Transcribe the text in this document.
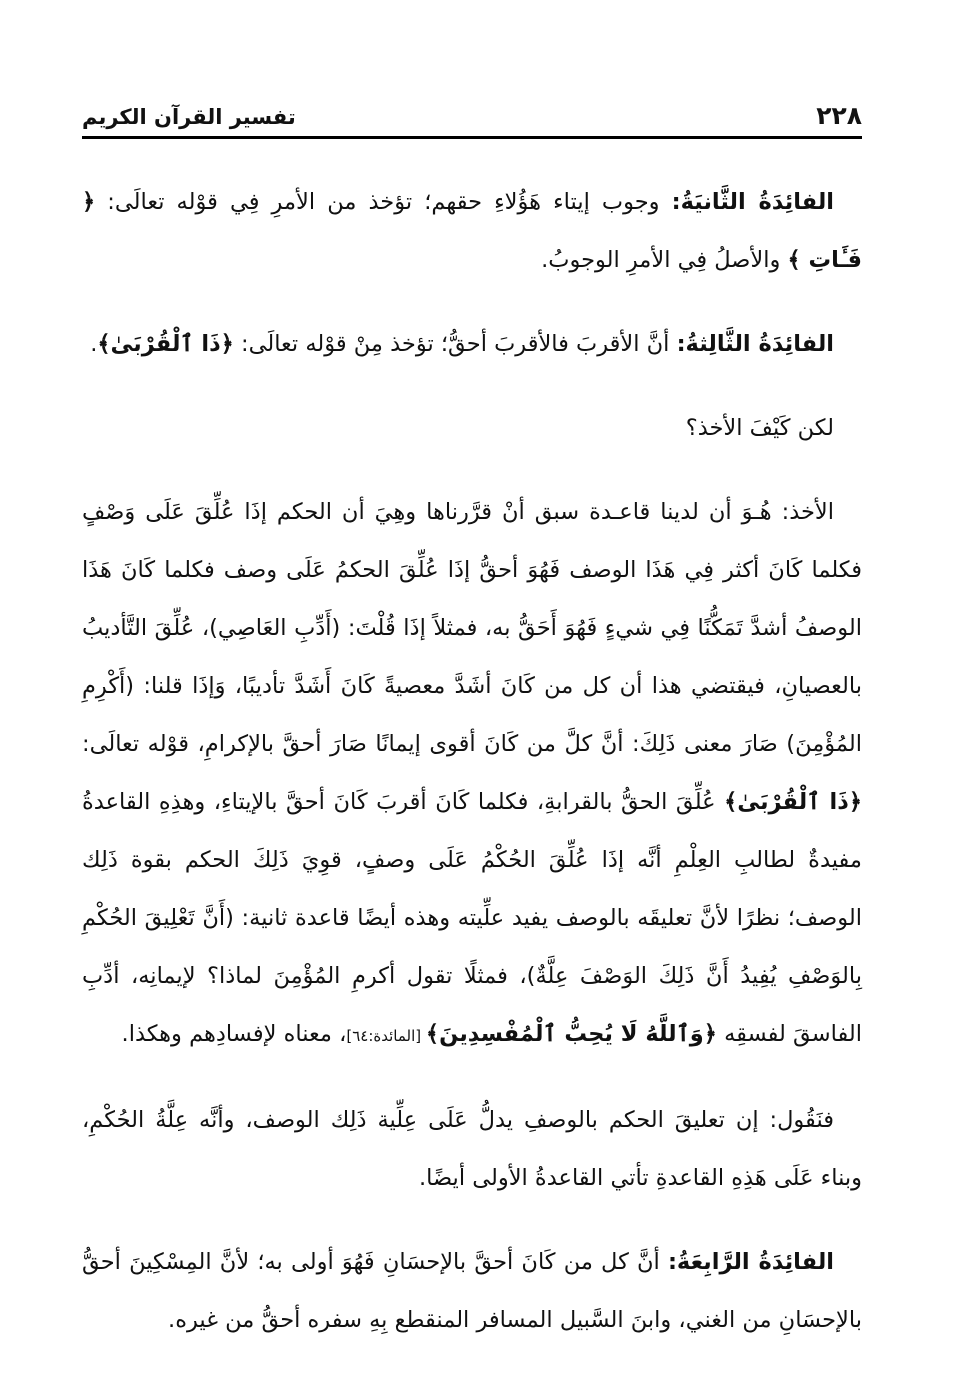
٢٢٨
تفسير القرآن الكريم

الفائِدَةُ الثَّانيَةُ: وجوب إيتاء هَؤُلاءِ حقهم؛ تؤخذ من الأمرِ فِي قوْله تعالَى: ﴿ فَـَٔاتِ ﴾ والأصلُ فِي الأمرِ الوجوبُ.

الفائِدَةُ الثَّالِثةُ: أنَّ الأقربَ فالأقربَ أحقُّ؛ تؤخذ مِنْ قوْله تعالَى: ﴿ذَا ٱلْقُرْبَىٰ﴾.

لكن كَيْفَ الأخذ؟

الأخذ: هُـوَ أن لدينا قاعـدة سبق أنْ قرَّرناها وهِيَ أن الحكم إذَا عُلِّقَ عَلَى وَصْفٍ فكلما كَانَ أكثر فِي هَذَا الوصف فَهُوَ أحقُّ إذَا عُلِّقَ الحكمُ عَلَى وصف فكلما كَانَ هَذَا الوصفُ أشدَّ تَمَكُّنًا فِي شيءٍ فَهُوَ أَحَقُّ به، فمثلاً إذَا قُلْتَ: (أَدِّبِ العَاصِي)، عُلِّقَ التَّأديبُ بالعصيانِ، فيقتضي هذا أن كل من كَانَ أشَدَّ معصيةً كَانَ أَشَدَّ تأديبًا، وَإذَا قلنا: (أَكْرِمِ المُؤْمِنَ) صَارَ معنى ذَلِكَ: أنَّ كلَّ من كَانَ أقوى إيمانًا صَارَ أحقَّ بالإكرامِ، قوْله تعالَى: ﴿ذَا ٱلْقُرْبَىٰ﴾ عُلِّقَ الحقُّ بالقرابةِ، فكلما كَانَ أقربَ كَانَ أحقَّ بالإيتاءِ، وهذِهِ القاعدةُ مفيدةٌ لطالبِ العِلْمِ أنَّه إذَا عُلِّقَ الحُكْمُ عَلَى وصفٍ، قوِيَ ذَلِكَ الحكم بقوة ذَلِك الوصف؛ نظرًا لأنَّ تعليقَه بالوصف يفيد علِّيته وهذه أيضًا قاعدة ثانية: (أَنَّ تَعْلِيقَ الحُكْمِ بِالوَصْفِ يُفِيدُ أَنَّ ذَلِكَ الوَصْفَ عِلَّةٌ)، فمثلًا تقول أكرمِ المُؤْمِنَ لماذا؟ لإيمانِه، أدِّبِ الفاسقَ لفسقِه ﴿وَٱللَّهُ لَا يُحِبُّ ٱلْمُفْسِدِينَ﴾ [المائدة:٦٤]، معناه لإفسادِهم وهكذا.

فنَقُول: إن تعليقَ الحكم بالوصفِ يدلُّ عَلَى عِلِّية ذَلِك الوصف، وأنَّه عِلَّةُ الحُكْمِ، وبناء عَلَى هَذِهِ القاعدةِ تأتي القاعدةُ الأولى أيضًا.

الفائِدَةُ الرَّابِعَةُ: أنَّ كل من كَانَ أحقَّ بالإحسَانِ فَهُوَ أولى به؛ لأنَّ المِسْكِينَ أحقُّ بالإحسَانِ من الغني، وابنَ السَّبيل المسافر المنقطع بِهِ سفره أحقُّ من غيره.
